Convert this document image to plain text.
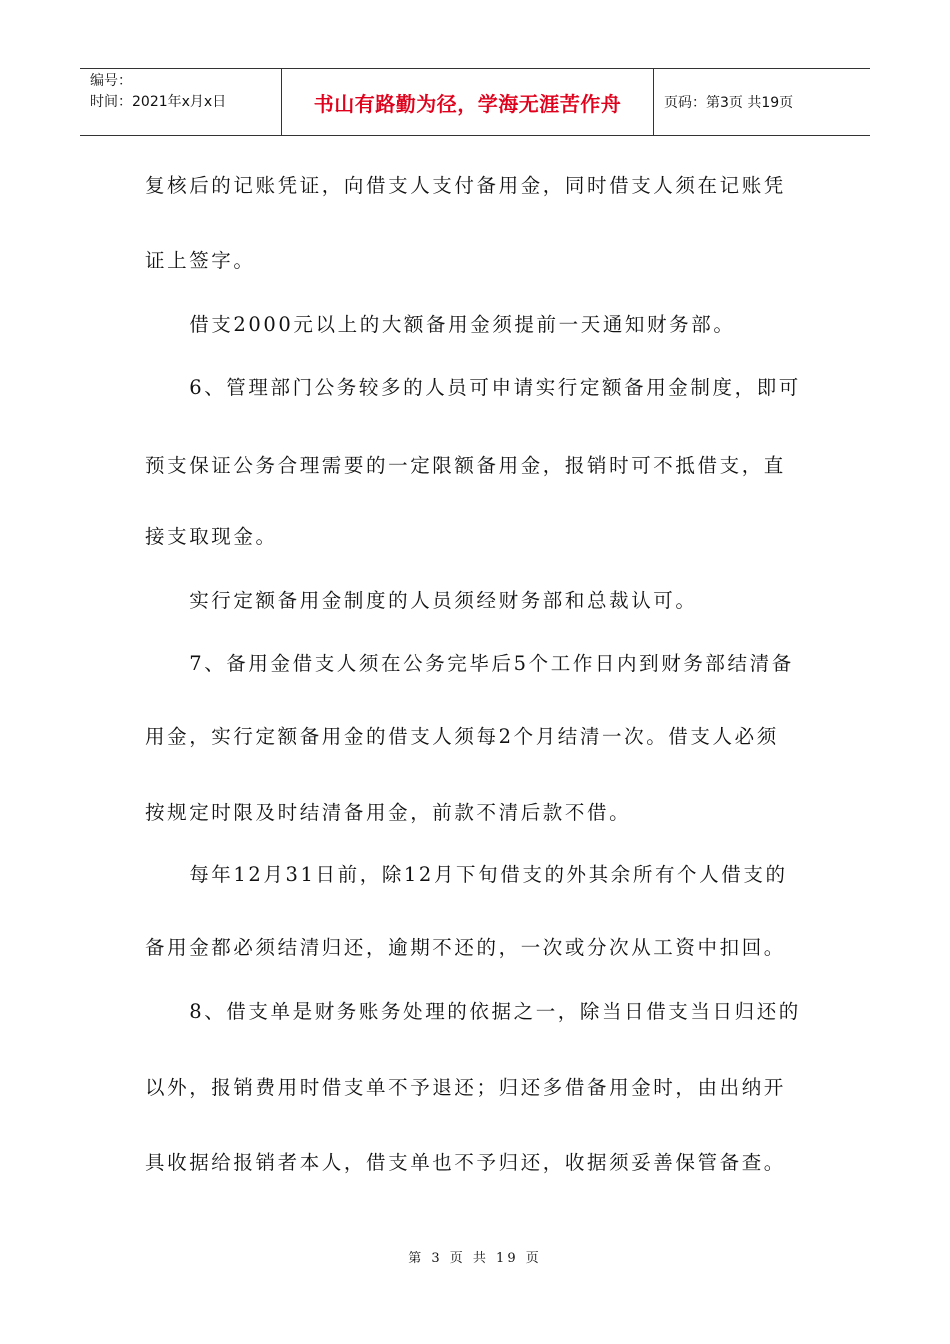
编号：
时间：2021年x月x日	书山有路勤为径，学海无涯苦作舟	页码：第3页 共19页
复核后的记账凭证，向借支人支付备用金，同时借支人须在记账凭
证上签字。
　　借支2000元以上的大额备用金须提前一天通知财务部。
　　6、管理部门公务较多的人员可申请实行定额备用金制度，即可
预支保证公务合理需要的一定限额备用金，报销时可不抵借支，直
接支取现金。
　　实行定额备用金制度的人员须经财务部和总裁认可。
　　7、备用金借支人须在公务完毕后5个工作日内到财务部结清备
用金，实行定额备用金的借支人须每2个月结清一次。借支人必须
按规定时限及时结清备用金，前款不清后款不借。
　　每年12月31日前，除12月下旬借支的外其余所有个人借支的
备用金都必须结清归还，逾期不还的，一次或分次从工资中扣回。
　　8、借支单是财务账务处理的依据之一，除当日借支当日归还的
以外，报销费用时借支单不予退还；归还多借备用金时，由出纳开
具收据给报销者本人，借支单也不予归还，收据须妥善保管备查。
第 3 页 共 19 页
